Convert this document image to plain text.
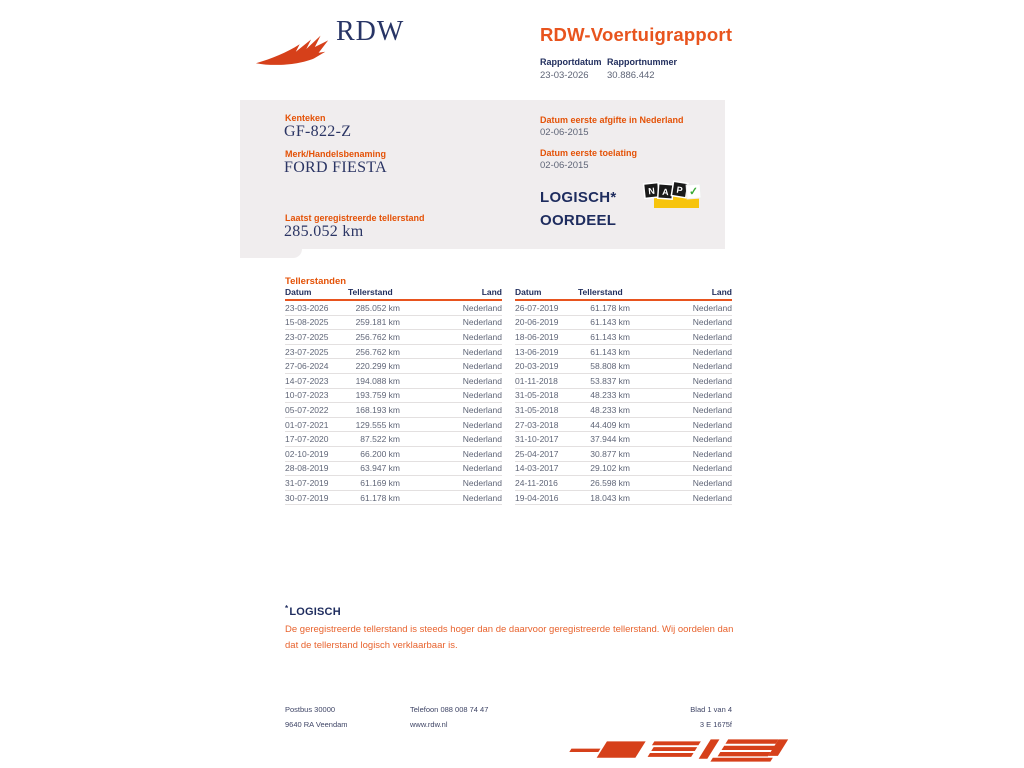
RDW	RDW-Voertuigrapport
Rapportdatum Rapportnummer
23-03-2026 30.886.442
Kenteken
GF-822-Z
Merk/Handelsbenaming
FORD FIESTA
Laatst geregistreerde tellerstand
285.052 km
Datum eerste afgifte in Nederland
02-06-2015
Datum eerste toelating
02-06-2015
LOGISCH*
OORDEEL
N A P ✓
Tellerstanden
Datum	Tellerstand	Land
23-03-2026	285.052 km	Nederland
15-08-2025	259.181 km	Nederland
23-07-2025	256.762 km	Nederland
23-07-2025	256.762 km	Nederland
27-06-2024	220.299 km	Nederland
14-07-2023	194.088 km	Nederland
10-07-2023	193.759 km	Nederland
05-07-2022	168.193 km	Nederland
01-07-2021	129.555 km	Nederland
17-07-2020	87.522 km	Nederland
02-10-2019	66.200 km	Nederland
28-08-2019	63.947 km	Nederland
31-07-2019	61.169 km	Nederland
30-07-2019	61.178 km	Nederland
Datum	Tellerstand	Land
26-07-2019	61.178 km	Nederland
20-06-2019	61.143 km	Nederland
18-06-2019	61.143 km	Nederland
13-06-2019	61.143 km	Nederland
20-03-2019	58.808 km	Nederland
01-11-2018	53.837 km	Nederland
31-05-2018	48.233 km	Nederland
31-05-2018	48.233 km	Nederland
27-03-2018	44.409 km	Nederland
31-10-2017	37.944 km	Nederland
25-04-2017	30.877 km	Nederland
14-03-2017	29.102 km	Nederland
24-11-2016	26.598 km	Nederland
19-04-2016	18.043 km	Nederland
*LOGISCH
De geregistreerde tellerstand is steeds hoger dan de daarvoor geregistreerde tellerstand. Wij oordelen dan dat de tellerstand logisch verklaarbaar is.
Postbus 30000
9640 RA Veendam
Telefoon 088 008 74 47
www.rdw.nl
Blad 1 van 4
3 E 1675f
